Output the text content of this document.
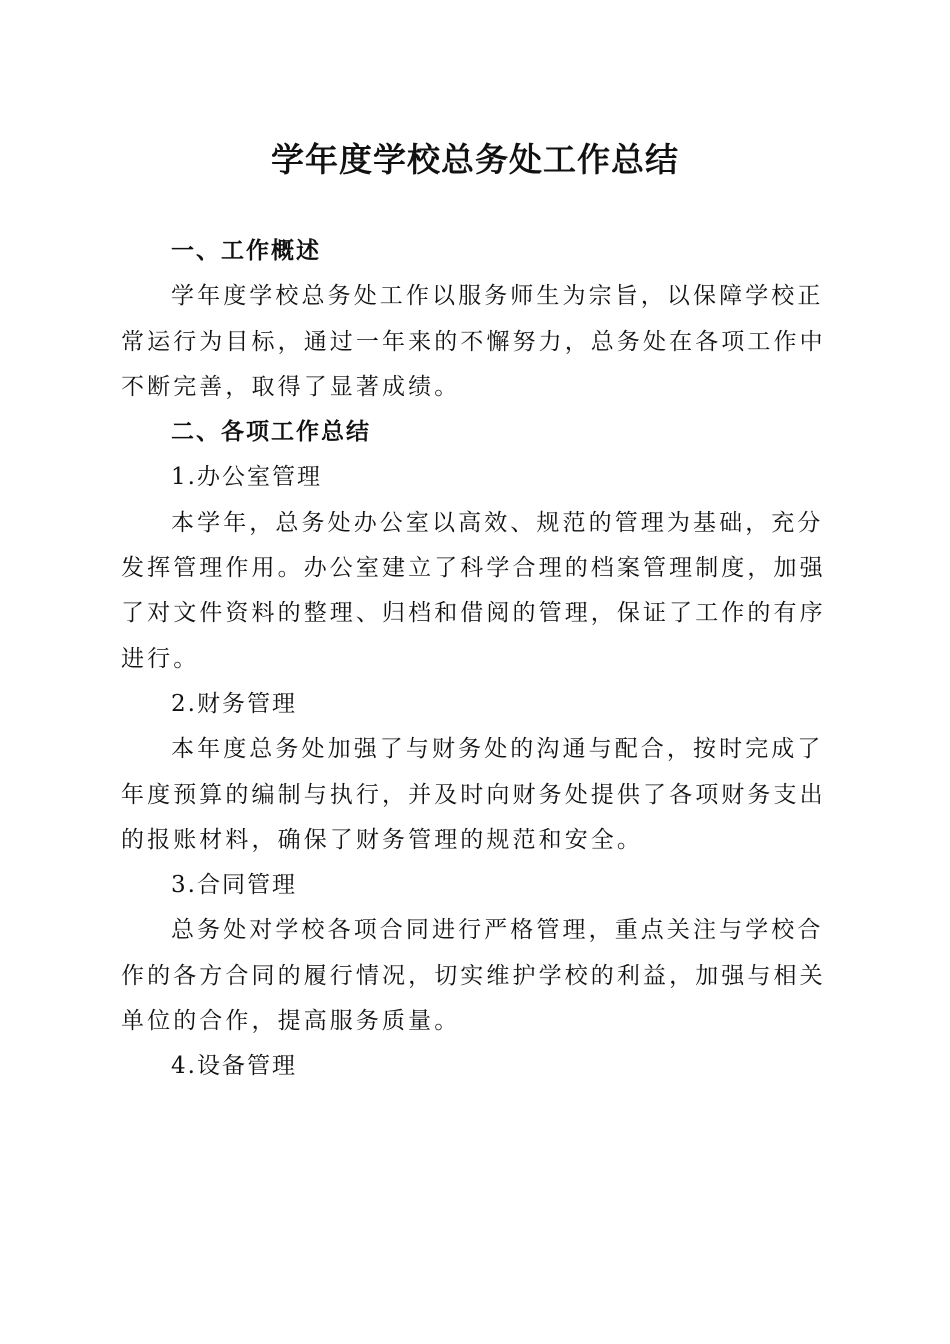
学年度学校总务处工作总结

一、工作概述

学年度学校总务处工作以服务师生为宗旨，以保障学校正

常运行为目标，通过一年来的不懈努力，总务处在各项工作中

不断完善，取得了显著成绩。

二、各项工作总结

1.办公室管理

本学年，总务处办公室以高效、规范的管理为基础，充分

发挥管理作用。办公室建立了科学合理的档案管理制度，加强

了对文件资料的整理、归档和借阅的管理，保证了工作的有序

进行。

2.财务管理

本年度总务处加强了与财务处的沟通与配合，按时完成了

年度预算的编制与执行，并及时向财务处提供了各项财务支出

的报账材料，确保了财务管理的规范和安全。

3.合同管理

总务处对学校各项合同进行严格管理，重点关注与学校合

作的各方合同的履行情况，切实维护学校的利益，加强与相关

单位的合作，提高服务质量。

4.设备管理
